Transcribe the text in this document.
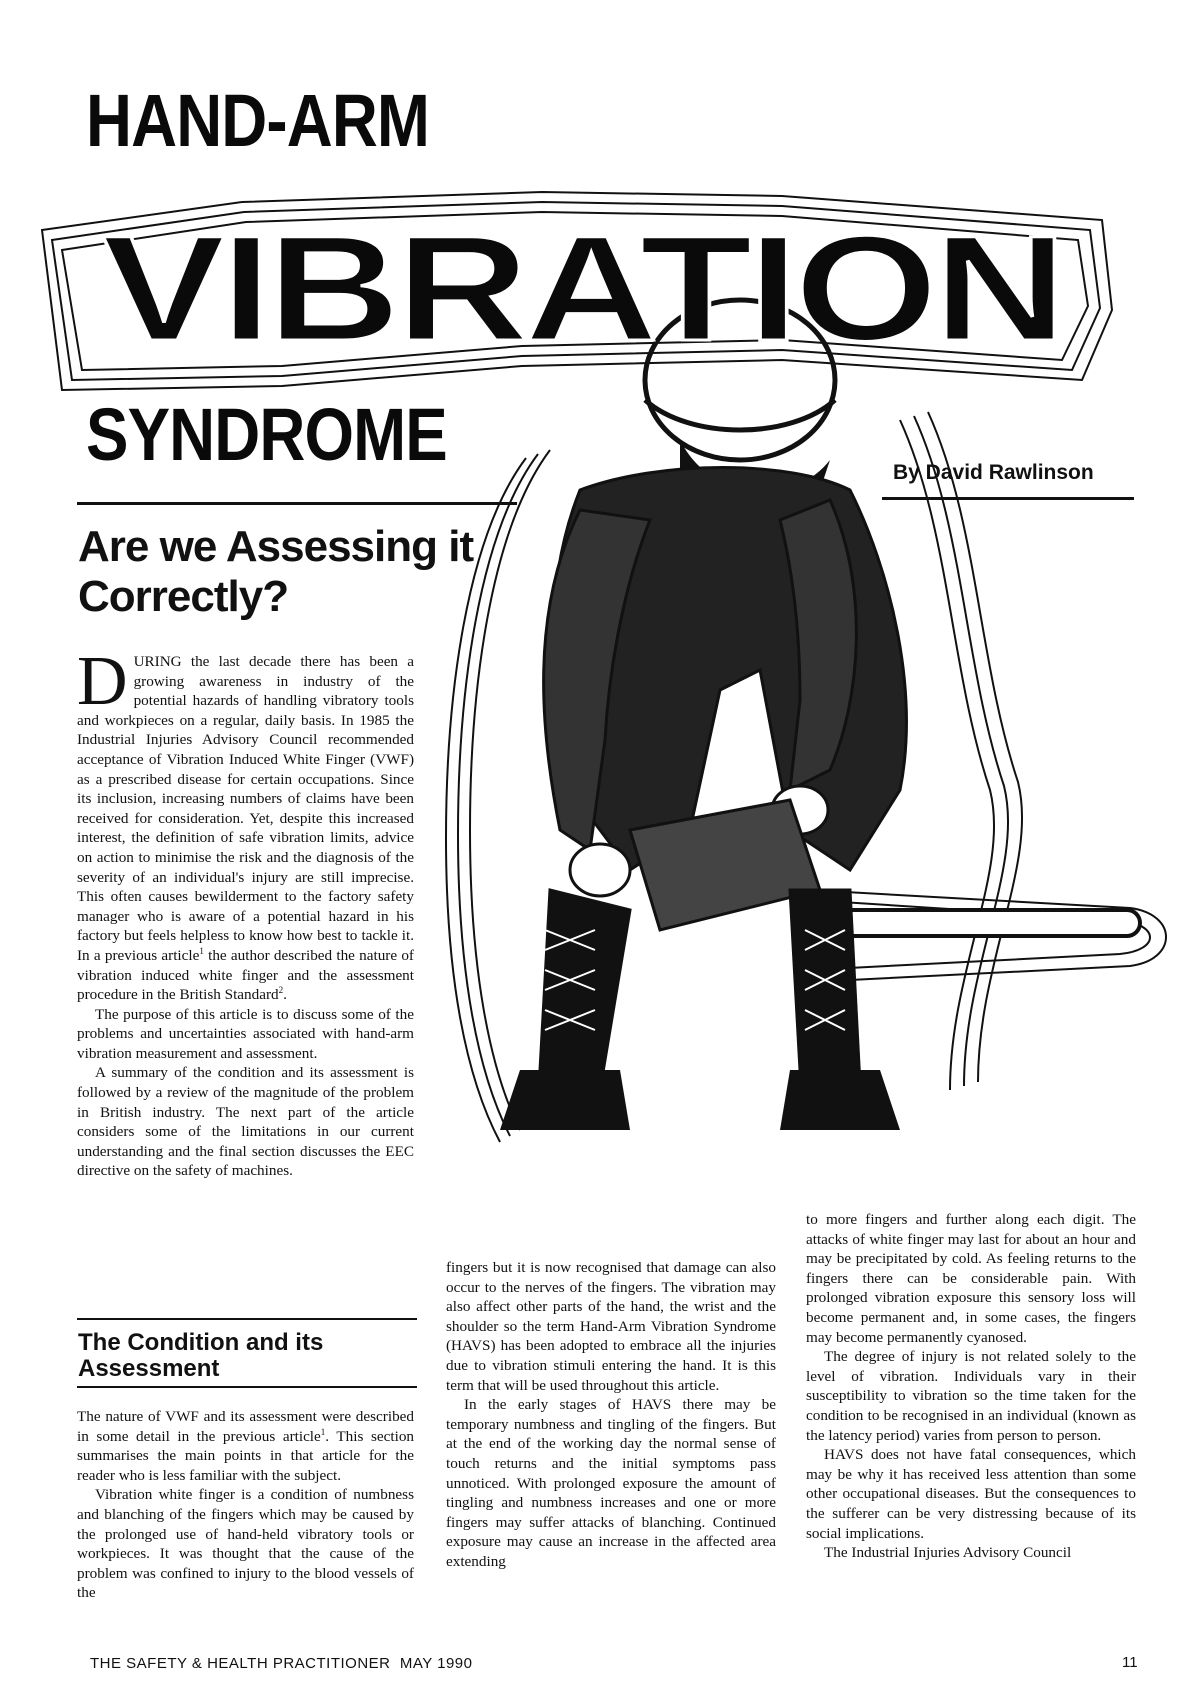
HAND-ARM
VIBRATION
SYNDROME	By David Rawlinson
Are we Assessing it Correctly?

DURING the last decade there has been a growing awareness in industry of the potential hazards of handling vibratory tools and workpieces on a regular, daily basis. In 1985 the Industrial Injuries Advisory Council recommended acceptance of Vibration Induced White Finger (VWF) as a prescribed disease for certain occupations. Since its inclusion, increasing numbers of claims have been received for consideration. Yet, despite this increased interest, the definition of safe vibration limits, advice on action to minimise the risk and the diagnosis of the severity of an individual's injury are still imprecise. This often causes bewilderment to the factory safety manager who is aware of a potential hazard in his factory but feels helpless to know how best to tackle it. In a previous article$^1$ the author described the nature of vibration induced white finger and the assessment procedure in the British Standard$^2$.

The purpose of this article is to discuss some of the problems and uncertainties associated with hand-arm vibration measurement and assessment.

A summary of the condition and its assessment is followed by a review of the magnitude of the problem in British industry. The next part of the article considers some of the limitations in our current understanding and the final section discusses the EEC directive on the safety of machines.

The Condition and its Assessment

The nature of VWF and its assessment were described in some detail in the previous article$^1$. This section summarises the main points in that article for the reader who is less familiar with the subject.

Vibration white finger is a condition of numbness and blanching of the fingers which may be caused by the prolonged use of hand-held vibratory tools or workpieces. It was thought that the cause of the problem was confined to injury to the blood vessels of the

fingers but it is now recognised that damage can also occur to the nerves of the fingers. The vibration may also affect other parts of the hand, the wrist and the shoulder so the term Hand-Arm Vibration Syndrome (HAVS) has been adopted to embrace all the injuries due to vibration stimuli entering the hand. It is this term that will be used throughout this article.

In the early stages of HAVS there may be temporary numbness and tingling of the fingers. But at the end of the working day the normal sense of touch returns and the initial symptoms pass unnoticed. With prolonged exposure the amount of tingling and numbness increases and one or more fingers may suffer attacks of blanching. Continued exposure may cause an increase in the affected area extending

to more fingers and further along each digit. The attacks of white finger may last for about an hour and may be precipitated by cold. As feeling returns to the fingers there can be considerable pain. With prolonged vibration exposure this sensory loss will become permanent and, in some cases, the fingers may become permanently cyanosed.

The degree of injury is not related solely to the level of vibration. Individuals vary in their susceptibility to vibration so the time taken for the condition to be recognised in an individual (known as the latency period) varies from person to person.

HAVS does not have fatal consequences, which may be why it has received less attention than some other occupational diseases. But the consequences to the sufferer can be very distressing because of its social implications.

The Industrial Injuries Advisory Council

THE SAFETY & HEALTH PRACTITIONER  MAY 1990	11
